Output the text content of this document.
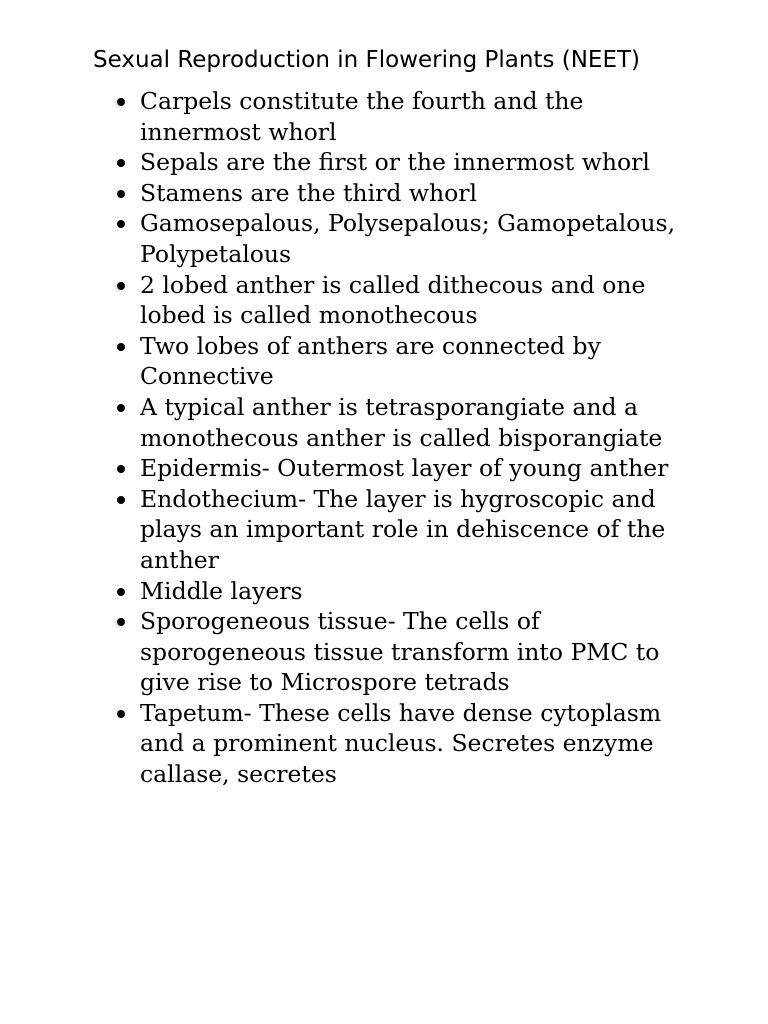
Sexual Reproduction in Flowering Plants (NEET)
Carpels constitute the fourth and the innermost whorl
Sepals are the first or the innermost whorl
Stamens are the third whorl
Gamosepalous, Polysepalous; Gamopetalous, Polypetalous
2 lobed anther is called dithecous and one lobed is called monothecous
Two lobes of anthers are connected by Connective
A typical anther is tetrasporangiate and a monothecous anther is called bisporangiate
Epidermis- Outermost layer of young anther
Endothecium- The layer is hygroscopic and plays an important role in dehiscence of the anther
Middle layers
Sporogeneous tissue- The cells of sporogeneous tissue transform into PMC to give rise to Microspore tetrads
Tapetum- These cells have dense cytoplasm and a prominent nucleus. Secretes enzyme callase, secretes
